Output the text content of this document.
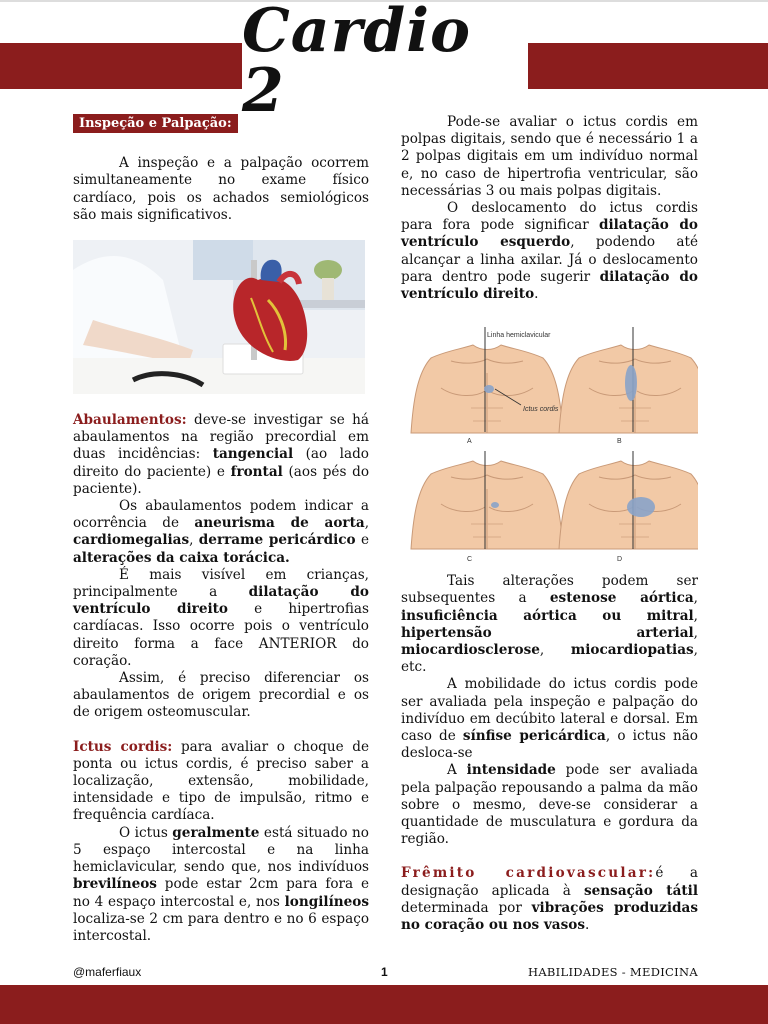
Cardio 2
Inspeção e Palpação:

A inspeção e a palpação ocorrem simultaneamente no exame físico cardíaco, pois os achados semiológicos são mais significativos.

Abaulamentos: deve-se investigar se há abaulamentos na região precordial em duas incidências: tangencial (ao lado direito do paciente) e frontal (aos pés do paciente).

Os abaulamentos podem indicar a ocorrência de aneurisma de aorta, cardiomegalias, derrame pericárdico e alterações da caixa torácica.

É mais visível em crianças, principalmente a dilatação do ventrículo direito e hipertrofias cardíacas. Isso ocorre pois o ventrículo direito forma a face ANTERIOR do coração.

Assim, é preciso diferenciar os abaulamentos de origem precordial e os de origem osteomuscular.

Ictus cordis: para avaliar o choque de ponta ou ictus cordis, é preciso saber a localização, extensão, mobilidade, intensidade e tipo de impulsão, ritmo e frequência cardíaca.

O ictus geralmente está situado no 5 espaço intercostal e na linha hemiclavicular, sendo que, nos indivíduos brevilíneos pode estar 2cm para fora e no 4 espaço intercostal e, nos longilíneos localiza-se 2 cm para dentro e no 6 espaço intercostal.

Pode-se avaliar o ictus cordis em polpas digitais, sendo que é necessário 1 a 2 polpas digitais em um indivíduo normal e, no caso de hipertrofia ventricular, são necessárias 3 ou mais polpas digitais.

O deslocamento do ictus cordis para fora pode significar dilatação do ventrículo esquerdo, podendo até alcançar a linha axilar. Já o deslocamento para dentro pode sugerir dilatação do ventrículo direito.

Linha hemiclavicular
Ictus cordis
A	B
C	D

Tais alterações podem ser subsequentes a estenose aórtica, insuficiência aórtica ou mitral, hipertensão arterial, miocardiosclerose, miocardiopatias, etc.

A mobilidade do ictus cordis pode ser avaliada pela inspeção e palpação do indivíduo em decúbito lateral e dorsal. Em caso de sínfise pericárdica, o ictus não desloca-se

A intensidade pode ser avaliada pela palpação repousando a palma da mão sobre o mesmo, deve-se considerar a quantidade de musculatura e gordura da região.

Frêmito cardiovascular:é a designação aplicada à sensação tátil determinada por vibrações produzidas no coração ou nos vasos.

@maferfiaux	1	HABILIDADES - MEDICINA
